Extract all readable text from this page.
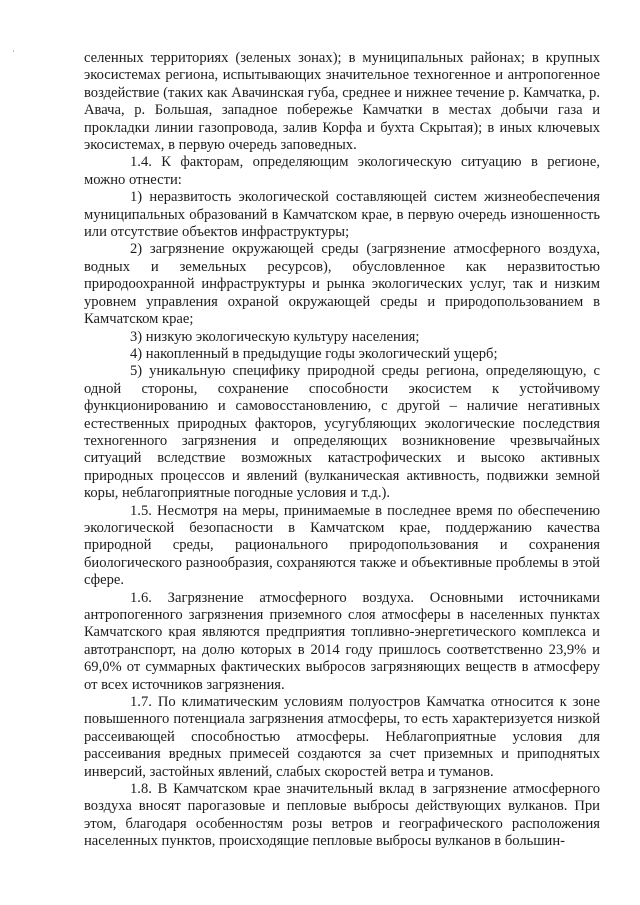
·	селенных территориях (зеленых зонах); в муниципальных районах; в крупных экосистемах региона, испытывающих значительное техногенное и антропогенное воздействие (таких как Авачинская губа, среднее и нижнее течение р. Камчатка, р. Авача, р. Большая, западное побережье Камчатки в местах добычи газа и прокладки линии газопровода, залив Корфа и бухта Скрытая); в иных ключевых экосистемах, в первую очередь заповедных.

1.4. К факторам, определяющим экологическую ситуацию в регионе, можно отнести:

1) неразвитость экологической составляющей систем жизнеобеспечения муниципальных образований в Камчатском крае, в первую очередь изношенность или отсутствие объектов инфраструктуры;

2) загрязнение окружающей среды (загрязнение атмосферного воздуха, водных и земельных ресурсов), обусловленное как неразвитостью природоохранной инфраструктуры и рынка экологических услуг, так и низким уровнем управления охраной окружающей среды и природопользованием в Камчатском крае;

3) низкую экологическую культуру населения;

4) накопленный в предыдущие годы экологический ущерб;

5) уникальную специфику природной среды региона, определяющую, с одной стороны, сохранение способности экосистем к устойчивому функционированию и самовосстановлению, с другой – наличие негативных естественных природных факторов, усугубляющих экологические последствия техногенного загрязнения и определяющих возникновение чрезвычайных ситуаций вследствие возможных катастрофических и высоко активных природных процессов и явлений (вулканическая активность, подвижки земной коры, неблагоприятные погодные условия и т.д.).

1.5. Несмотря на меры, принимаемые в последнее время по обеспечению экологической безопасности в Камчатском крае, поддержанию качества природной среды, рационального природопользования и сохранения биологического разнообразия, сохраняются также и объективные проблемы в этой сфере.

1.6. Загрязнение атмосферного воздуха. Основными источниками антропогенного загрязнения приземного слоя атмосферы в населенных пунктах Камчатского края являются предприятия топливно-энергетического комплекса и автотранспорт, на долю которых в 2014 году пришлось соответственно 23,9% и 69,0% от суммарных фактических выбросов загрязняющих веществ в атмосферу от всех источников загрязнения.

1.7. По климатическим условиям полуостров Камчатка относится к зоне повышенного потенциала загрязнения атмосферы, то есть характеризуется низкой рассеивающей способностью атмосферы. Неблагоприятные условия для рассеивания вредных примесей создаются за счет приземных и приподнятых инверсий, застойных явлений, слабых скоростей ветра и туманов.

1.8. В Камчатском крае значительный вклад в загрязнение атмосферного воздуха вносят парогазовые и пепловые выбросы действующих вулканов. При этом, благодаря особенностям розы ветров и географического расположения населенных пунктов, происходящие пепловые выбросы вулканов в большин-
